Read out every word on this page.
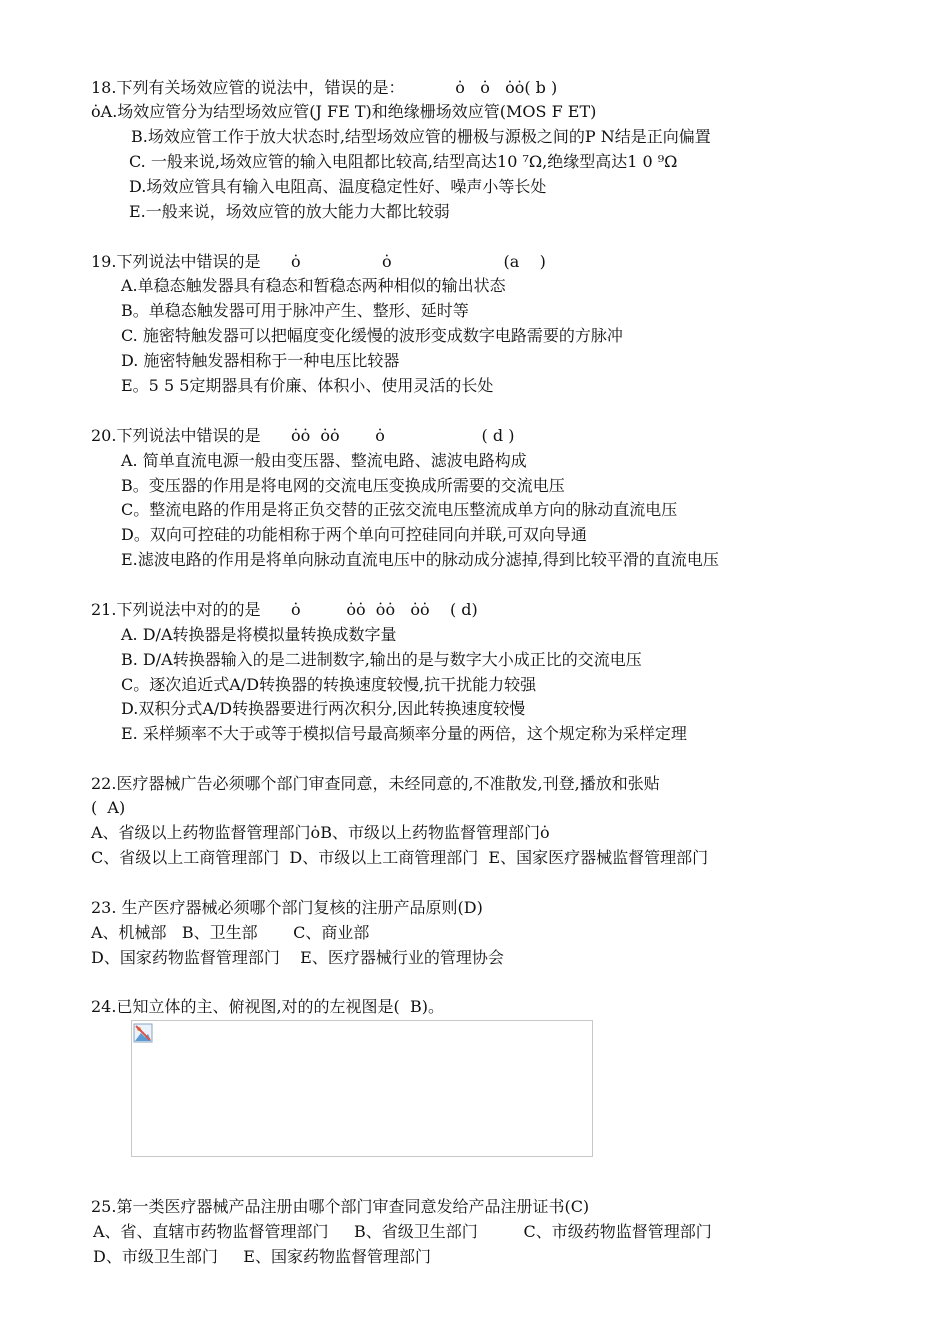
18.下列有关场效应管的说法中，错误的是：          ȯ   ȯ   ȯȯ( b )
ȯA.场效应管分为结型场效应管(J FE T)和绝缘栅场效应管(MOS F ET)
B.场效应管工作于放大状态时,结型场效应管的栅极与源极之间的P N结是正向偏置
C. 一般来说,场效应管的输入电阻都比较高,结型高达10 ⁷Ω,绝缘型高达1 0 ⁹Ω
D.场效应管具有输入电阻高、温度稳定性好、噪声小等长处
E.一般来说，场效应管的放大能力大都比较弱
19.下列说法中错误的是      ȯ                ȯ                      (a    )
A.单稳态触发器具有稳态和暂稳态两种相似的输出状态
B。单稳态触发器可用于脉冲产生、整形、延时等
C. 施密特触发器可以把幅度变化缓慢的波形变成数字电路需要的方脉冲
D. 施密特触发器相称于一种电压比较器
E。5 5 5定期器具有价廉、体积小、使用灵活的长处
20.下列说法中错误的是      ȯȯ  ȯȯ       ȯ                   ( d )
A. 简单直流电源一般由变压器、整流电路、滤波电路构成
B。变压器的作用是将电网的交流电压变换成所需要的交流电压
C。整流电路的作用是将正负交替的正弦交流电压整流成单方向的脉动直流电压
D。双向可控硅的功能相称于两个单向可控硅同向并联,可双向导通
E.滤波电路的作用是将单向脉动直流电压中的脉动成分滤掉,得到比较平滑的直流电压
21.下列说法中对的的是      ȯ         ȯȯ  ȯȯ   ȯȯ    ( d)
A. D/A转换器是将模拟量转换成数字量
B. D/A转换器输入的是二进制数字,输出的是与数字大小成正比的交流电压
C。逐次追近式A/D转换器的转换速度较慢,抗干扰能力较强
D.双积分式A/D转换器要进行两次积分,因此转换速度较慢
E. 采样频率不大于或等于模拟信号最高频率分量的两倍，这个规定称为采样定理
22.医疗器械广告必须哪个部门审查同意，未经同意的,不准散发,刊登,播放和张贴
(  A)
A、省级以上药物监督管理部门ȯB、市级以上药物监督管理部门ȯ
C、省级以上工商管理部门  D、市级以上工商管理部门  E、国家医疗器械监督管理部门
23. 生产医疗器械必须哪个部门复核的注册产品原则(D)
A、机械部   B、卫生部       C、商业部
D、国家药物监督管理部门    E、医疗器械行业的管理协会
24.已知立体的主、俯视图,对的的左视图是(  B)。
25.第一类医疗器械产品注册由哪个部门审查同意发给产品注册证书(C)
A、省、直辖市药物监督管理部门     B、省级卫生部门         C、市级药物监督管理部门
D、市级卫生部门     E、国家药物监督管理部门
